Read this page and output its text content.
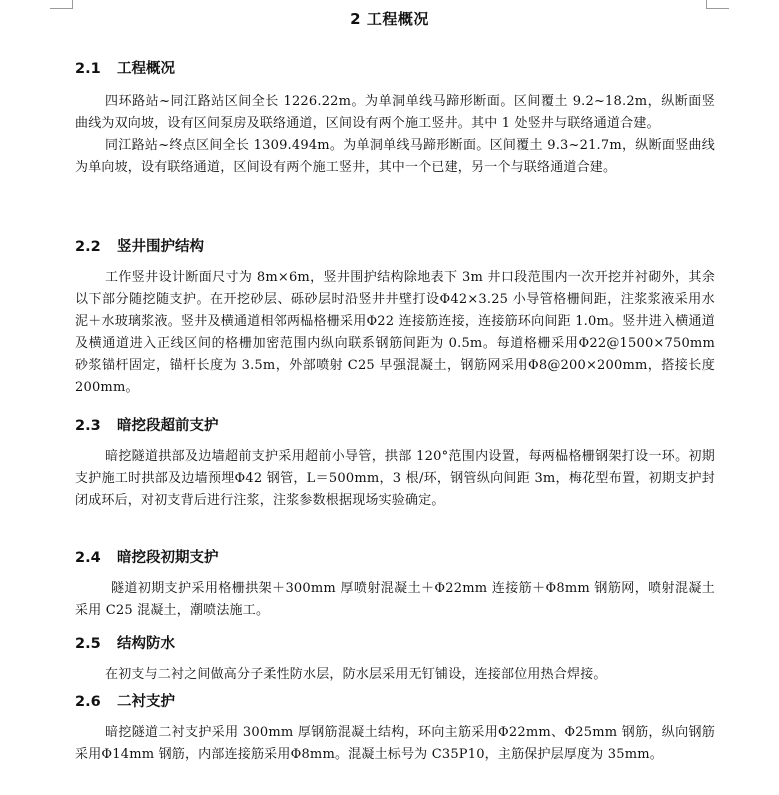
2 工程概况
2.1 工程概况

四环路站~同江路站区间全长 1226.22m。为单洞单线马蹄形断面。区间覆土 9.2~18.2m，纵断面竖曲线为双向坡，设有区间泵房及联络通道，区间设有两个施工竖井。其中 1 处竖井与联络通道合建。

同江路站~终点区间全长 1309.494m。为单洞单线马蹄形断面。区间覆土 9.3~21.7m，纵断面竖曲线为单向坡，设有联络通道，区间设有两个施工竖井，其中一个已建，另一个与联络通道合建。

2.2 竖井围护结构

工作竖井设计断面尺寸为 8m×6m，竖井围护结构除地表下 3m 井口段范围内一次开挖并衬砌外，其余以下部分随挖随支护。在开挖砂层、砾砂层时沿竖井井壁打设Φ42×3.25 小导管格栅间距，注浆浆液采用水泥＋水玻璃浆液。竖井及横通道相邻两榀格栅采用Φ22 连接筋连接，连接筋环向间距 1.0m。竖井进入横通道及横通道进入正线区间的格栅加密范围内纵向联系钢筋间距为 0.5m。每道格栅采用Φ22@1500×750mm 砂浆锚杆固定，锚杆长度为 3.5m，外部喷射 C25 早强混凝土，钢筋网采用Φ8@200×200mm，搭接长度 200mm。

2.3 暗挖段超前支护

暗挖隧道拱部及边墙超前支护采用超前小导管，拱部 120°范围内设置，每两榀格栅钢架打设一环。初期支护施工时拱部及边墙预埋Φ42 钢管，L＝500mm，3 根/环，钢管纵向间距 3m，梅花型布置，初期支护封闭成环后，对初支背后进行注浆，注浆参数根据现场实验确定。

2.4 暗挖段初期支护

隧道初期支护采用格栅拱架＋300mm 厚喷射混凝土＋Φ22mm 连接筋＋Φ8mm 钢筋网，喷射混凝土采用 C25 混凝土，潮喷法施工。

2.5 结构防水

在初支与二衬之间做高分子柔性防水层，防水层采用无钉铺设，连接部位用热合焊接。

2.6 二衬支护

暗挖隧道二衬支护采用 300mm 厚钢筋混凝土结构，环向主筋采用Φ22mm、Φ25mm 钢筋，纵向钢筋采用Φ14mm 钢筋，内部连接筋采用Φ8mm。混凝土标号为 C35P10，主筋保护层厚度为 35mm。
